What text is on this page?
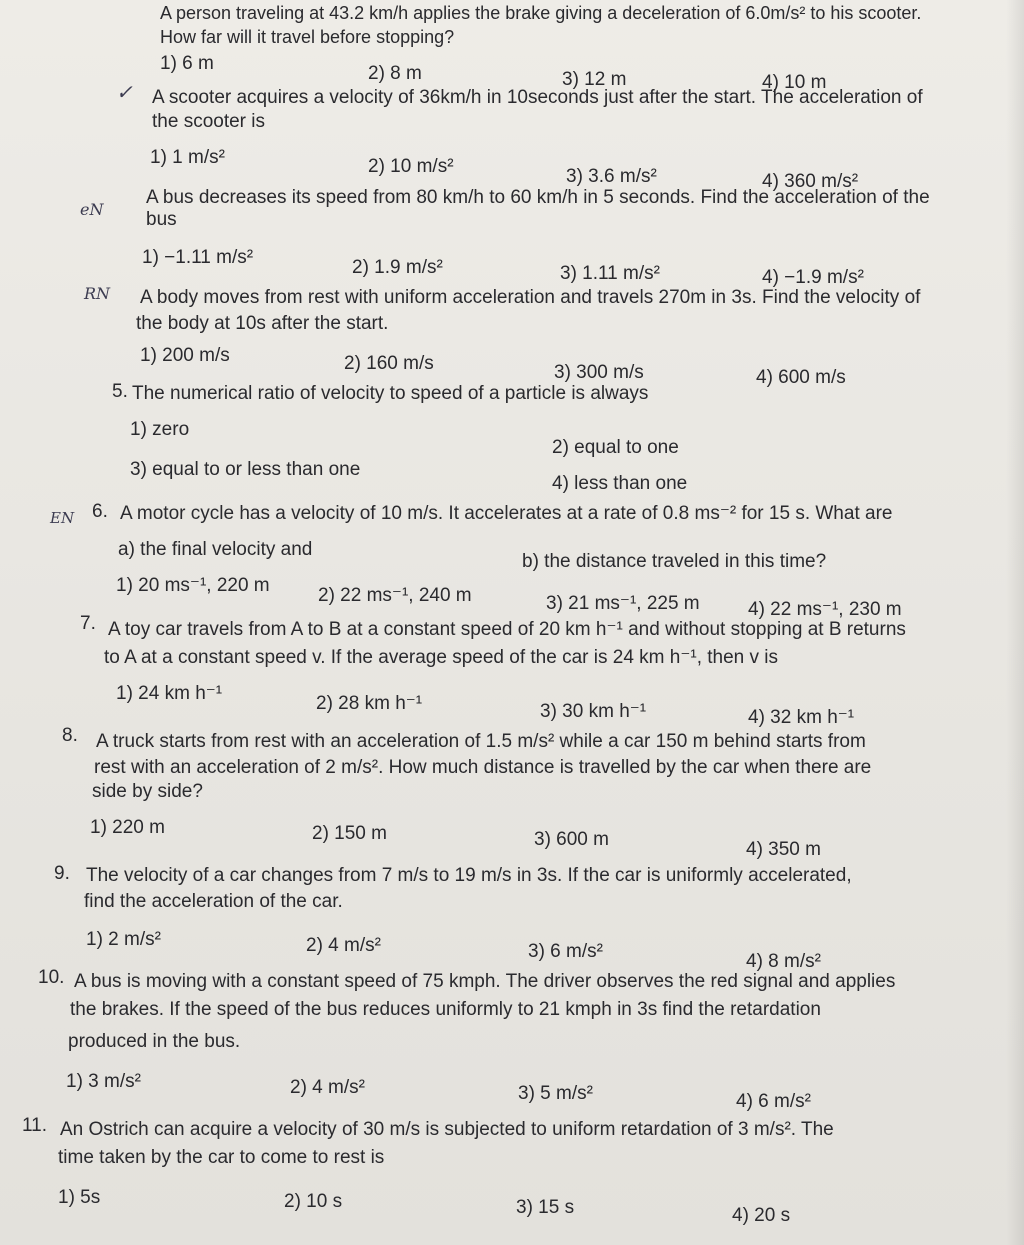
A person traveling at 43.2 km/h applies the brake giving a deceleration of 6.0m/s² to his scooter.
How far will it travel before stopping?
1) 6 m	2) 8 m	3) 12 m	4) 10 m
✓ A scooter acquires a velocity of 36km/h in 10seconds just after the start. The acceleration of
the scooter is
1) 1 m/s²	2) 10 m/s²	3) 3.6 m/s²	4) 360 m/s²
eN
A bus decreases its speed from 80 km/h to 60 km/h in 5 seconds. Find the acceleration of the
bus
1) −1.11 m/s²	2) 1.9 m/s²	3) 1.11 m/s²	4) −1.9 m/s²
RN A body moves from rest with uniform acceleration and travels 270m in 3s. Find the velocity of
the body at 10s after the start.
1) 200 m/s	2) 160 m/s	3) 300 m/s	4) 600 m/s
5. The numerical ratio of velocity to speed of a particle is always
1) zero
2) equal to one
3) equal to or less than one
4) less than one
EN 6. A motor cycle has a velocity of 10 m/s. It accelerates at a rate of 0.8 ms⁻² for 15 s. What are
a) the final velocity and
b) the distance traveled in this time?
1) 20 ms⁻¹, 220 m	2) 22 ms⁻¹, 240 m	3) 21 ms⁻¹, 225 m	4) 22 ms⁻¹, 230 m
7. A toy car travels from A to B at a constant speed of 20 km h⁻¹ and without stopping at B returns
to A at a constant speed v. If the average speed of the car is 24 km h⁻¹, then v is
1) 24 km h⁻¹	2) 28 km h⁻¹	3) 30 km h⁻¹	4) 32 km h⁻¹
8. A truck starts from rest with an acceleration of 1.5 m/s² while a car 150 m behind starts from
rest with an acceleration of 2 m/s². How much distance is travelled by the car when there are
side by side?
1) 220 m	2) 150 m	3) 600 m	4) 350 m
9. The velocity of a car changes from 7 m/s to 19 m/s in 3s. If the car is uniformly accelerated,
find the acceleration of the car.
1) 2 m/s²	2) 4 m/s²	3) 6 m/s²	4) 8 m/s²
10. A bus is moving with a constant speed of 75 kmph. The driver observes the red signal and applies
the brakes. If the speed of the bus reduces uniformly to 21 kmph in 3s find the retardation
produced in the bus.
1) 3 m/s²	2) 4 m/s²	3) 5 m/s²	4) 6 m/s²
11. An Ostrich can acquire a velocity of 30 m/s is subjected to uniform retardation of 3 m/s². The
time taken by the car to come to rest is
1) 5s	2) 10 s	3) 15 s	4) 20 s
